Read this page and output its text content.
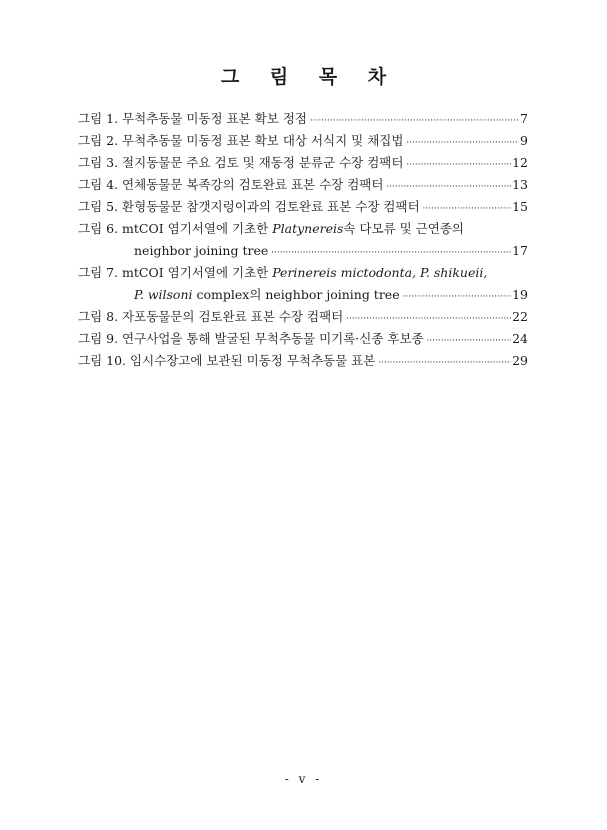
그 림 목 차
그림 1. 무척추동물 미동정 표본 확보 정점 ·····	7
그림 2. 무척추동물 미동정 표본 확보 대상 서식지 및 채집법 ·····	9
그림 3. 절지동물문 주요 검토 및 재동정 분류군 수장 컴팩터 ·····	12
그림 4. 연체동물문 복족강의 검토완료 표본 수장 컴팩터 ·····	13
그림 5. 환형동물문 참갯지렁이과의 검토완료 표본 수장 컴팩터 ·····	15
그림 6. mtCOI 염기서열에 기초한 Platynereis속 다모류 및 근연종의
neighbor joining tree ·····	17
그림 7. mtCOI 염기서열에 기초한 Perinereis mictodonta, P. shikueii,
P. wilsoni complex의 neighbor joining tree ·····	19
그림 8. 자포동물문의 검토완료 표본 수장 컴팩터 ·····	22
그림 9. 연구사업을 통해 발굴된 무척추동물 미기록·신종 후보종 ·····	24
그림 10. 임시수장고에 보관된 미동정 무척추동물 표본 ·····	29
- v -
